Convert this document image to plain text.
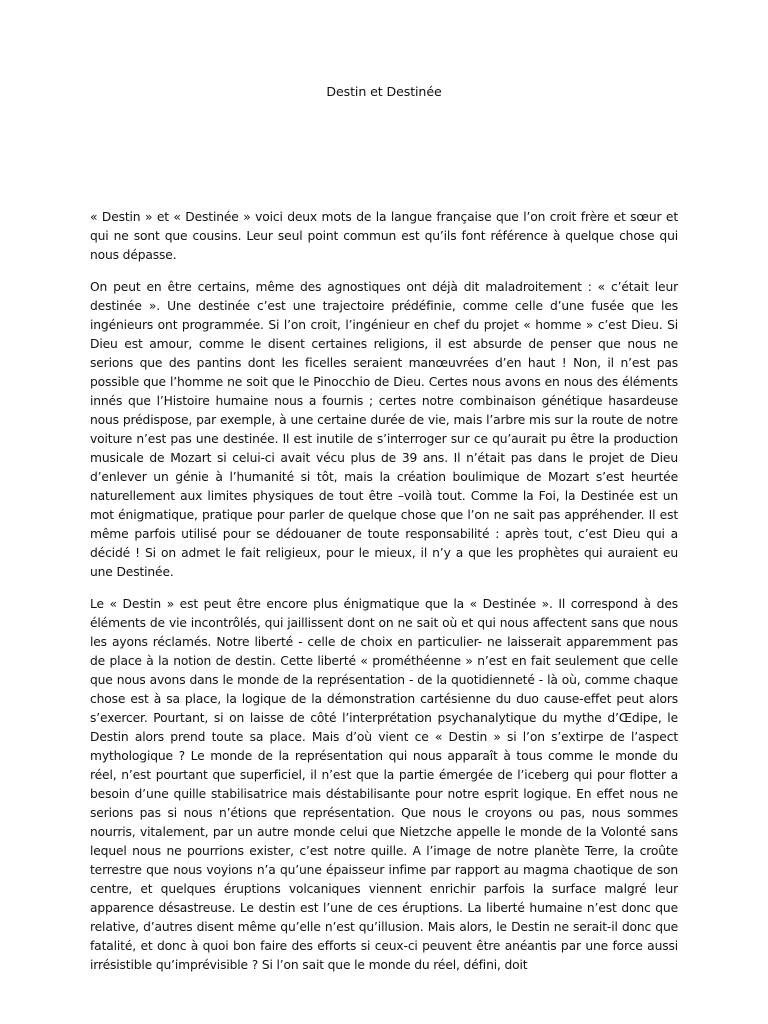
Destin et Destinée

« Destin » et « Destinée » voici deux mots de la langue française que l’on croit frère et sœur et qui ne sont que cousins. Leur seul point commun est qu’ils font référence à quelque chose qui nous dépasse.

On peut en être certains, même des agnostiques ont déjà dit maladroitement : « c’était leur destinée ». Une destinée c’est une trajectoire prédéfinie, comme celle d’une fusée que les ingénieurs ont programmée. Si l’on croit, l’ingénieur en chef du projet « homme » c’est Dieu. Si Dieu est amour, comme le disent certaines religions, il est absurde de penser que nous ne serions que des pantins dont les ficelles seraient manœuvrées d’en haut ! Non, il n’est pas possible que l’homme ne soit que le Pinocchio de Dieu. Certes nous avons en nous des éléments innés que l’Histoire humaine nous a fournis ; certes notre combinaison génétique hasardeuse nous prédispose, par exemple, à une certaine durée de vie, mais l’arbre mis sur la route de notre voiture n’est pas une destinée. Il est inutile de s’interroger sur ce qu’aurait pu être la production musicale de Mozart si celui-ci avait vécu plus de 39 ans. Il n’était pas dans le projet de Dieu d’enlever un génie à l’humanité si tôt, mais la création boulimique de Mozart s’est heurtée naturellement aux limites physiques de tout être –voilà tout. Comme la Foi, la Destinée est un mot énigmatique, pratique pour parler de quelque chose que l’on ne sait pas appréhender. Il est même parfois utilisé pour se dédouaner de toute responsabilité : après tout, c’est Dieu qui a décidé ! Si on admet le fait religieux, pour le mieux, il n’y a que les prophètes qui auraient eu une Destinée.

Le « Destin » est peut être encore plus énigmatique que la « Destinée ». Il correspond à des éléments de vie incontrôlés, qui jaillissent dont on ne sait où et qui nous affectent sans que nous les ayons réclamés. Notre liberté - celle de choix en particulier- ne laisserait apparemment pas de place à la notion de destin. Cette liberté « prométhéenne » n’est en fait seulement que celle que nous avons dans le monde de la représentation - de la quotidienneté - là où, comme chaque chose est à sa place, la logique de la démonstration cartésienne du duo cause-effet peut alors s’exercer. Pourtant, si on laisse de côté l’interprétation psychanalytique du mythe d’Œdipe, le Destin alors prend toute sa place. Mais d’où vient ce « Destin » si l’on s’extirpe de l’aspect mythologique ? Le monde de la représentation qui nous apparaît à tous comme le monde du réel, n’est pourtant que superficiel, il n’est que la partie émergée de l’iceberg qui pour flotter a besoin d’une quille stabilisatrice mais déstabilisante pour notre esprit logique. En effet nous ne serions pas si nous n’étions que représentation. Que nous le croyons ou pas, nous sommes nourris, vitalement, par un autre monde celui que Nietzche appelle le monde de la Volonté sans lequel nous ne pourrions exister, c’est notre quille. A l’image de notre planète Terre, la croûte terrestre que nous voyions n’a qu’une épaisseur infime par rapport au magma chaotique de son centre, et quelques éruptions volcaniques viennent enrichir parfois la surface malgré leur apparence désastreuse. Le destin est l’une de ces éruptions. La liberté humaine n’est donc que relative, d’autres disent même qu’elle n’est qu’illusion. Mais alors, le Destin ne serait-il donc que fatalité, et donc à quoi bon faire des efforts si ceux-ci peuvent être anéantis par une force aussi irrésistible qu’imprévisible ? Si l’on sait que le monde du réel, défini, doit
